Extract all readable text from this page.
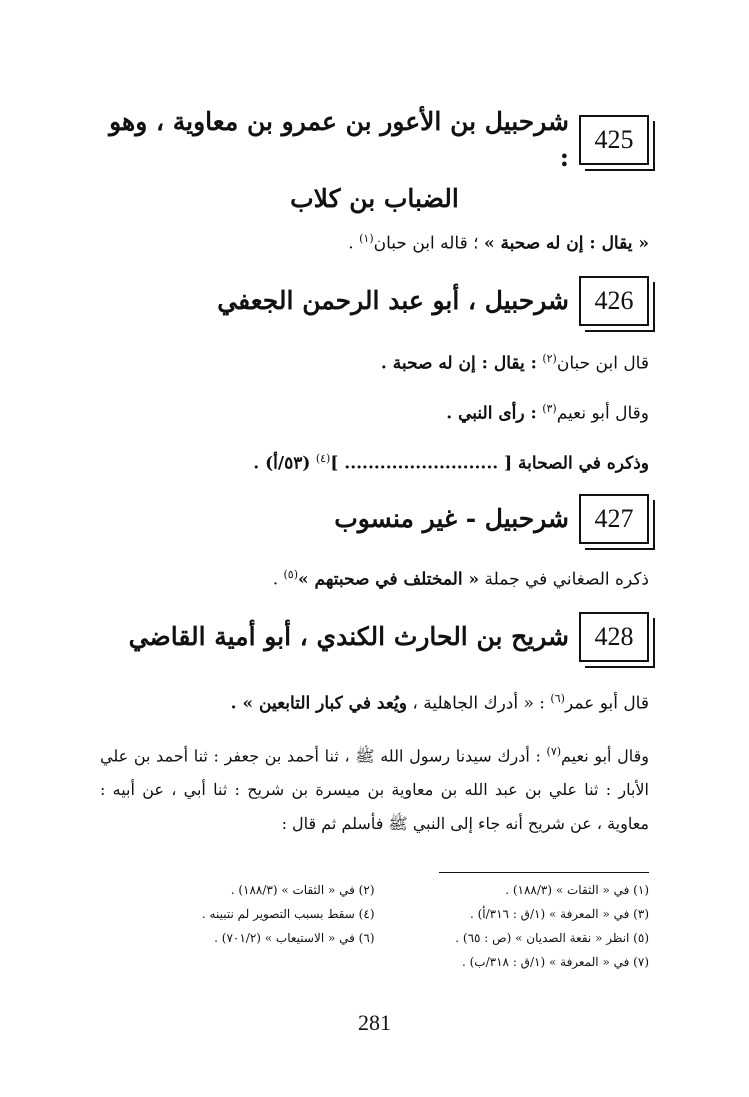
425
شرحبيل بن الأعور بن عمرو بن معاوية ، وهو :
الضباب بن كلاب
« يقال : إن له صحبة » ؛ قاله ابن حبان$^{(١)}$ .
426
شرحبيل ، أبو عبد الرحمن الجعفي
قال ابن حبان$^{(٢)}$ : يقال : إن له صحبة .
وقال أبو نعيم$^{(٣)}$ : رأى النبي .
وذكره في الصحابة [ .......................... ]$^{(٤)}$ (٥٣/أ) .
427
شرحبيل - غير منسوب
ذكره الصغاني في جملة « المختلف في صحبتهم »$^{(٥)}$ .
428
شريح بن الحارث الكندي ، أبو أمية القاضي
قال أبو عمر$^{(٦)}$ : « أدرك الجاهلية ، ويُعد في كبار التابعين » .
وقال أبو نعيم$^{(٧)}$ : أدرك سيدنا رسول الله ﷺ ، ثنا أحمد بن جعفر : ثنا أحمد بن علي الأبار : ثنا علي بن عبد الله بن معاوية بن ميسرة بن شريح : ثنا أبي ، عن أبيه : معاوية ، عن شريح أنه جاء إلى النبي ﷺ فأسلم ثم قال :
(١) في « الثقات » (١٨٨/٣) .
(٢) في « الثقات » (١٨٨/٣) .
(٣) في « المعرفة » (١/ق : ٣١٦/أ) .
(٤) سقط بسبب التصوير لم نتبينه .
(٥) انظر « نقعة الصديان » (ص : ٦٥) .
(٦) في « الاستيعاب » (٧٠١/٢) .
(٧) في « المعرفة » (١/ق : ٣١٨/ب) .
281
